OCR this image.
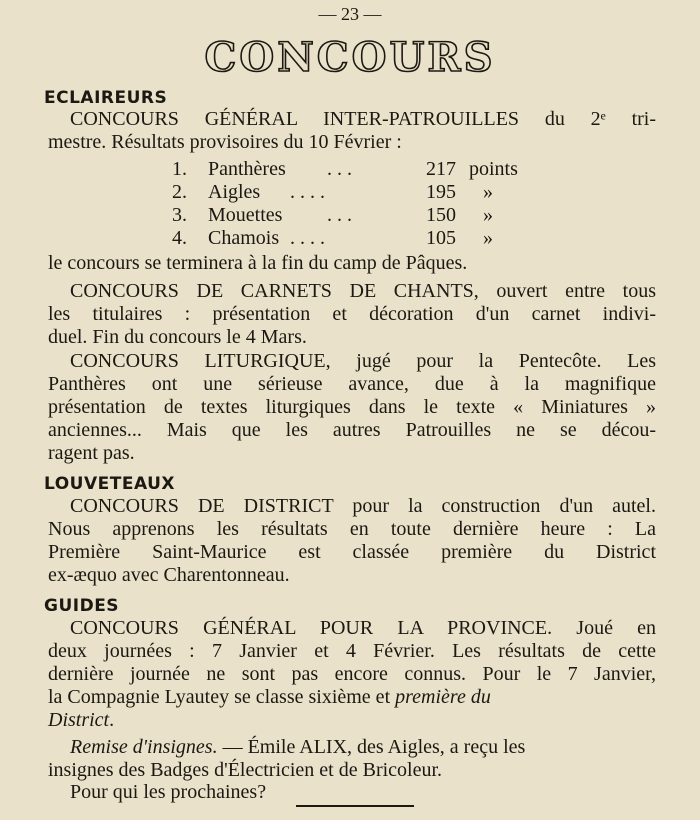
— 23 —
CONCOURS
ECLAIREURS
CONCOURS GÉNÉRAL INTER-PATROUILLES du 2ᵉ tri-
mestre. Résultats provisoires du 10 Février :
1. Panthères . . .	217 points
2. Aigles . . . .	195 »
3. Mouettes . . .	150 »
4. Chamois . . . .	105 »
le concours se terminera à la fin du camp de Pâques.
CONCOURS DE CARNETS DE CHANTS, ouvert entre tous
les titulaires : présentation et décoration d'un carnet indivi-
duel. Fin du concours le 4 Mars.
CONCOURS LITURGIQUE, jugé pour la Pentecôte. Les
Panthères ont une sérieuse avance, due à la magnifique
présentation de textes liturgiques dans le texte « Miniatures »
anciennes... Mais que les autres Patrouilles ne se décou-
ragent pas.
LOUVETEAUX
CONCOURS DE DISTRICT pour la construction d'un autel.
Nous apprenons les résultats en toute dernière heure : La
Première Saint-Maurice est classée première du District
ex-æquo avec Charentonneau.
GUIDES
CONCOURS GÉNÉRAL POUR LA PROVINCE. Joué en
deux journées : 7 Janvier et 4 Février. Les résultats de cette
dernière journée ne sont pas encore connus. Pour le 7 Janvier,
la Compagnie Lyautey se classe sixième et première du
District.
Remise d'insignes. — Émile ALIX, des Aigles, a reçu les
insignes des Badges d'Électricien et de Bricoleur.
Pour qui les prochaines?
